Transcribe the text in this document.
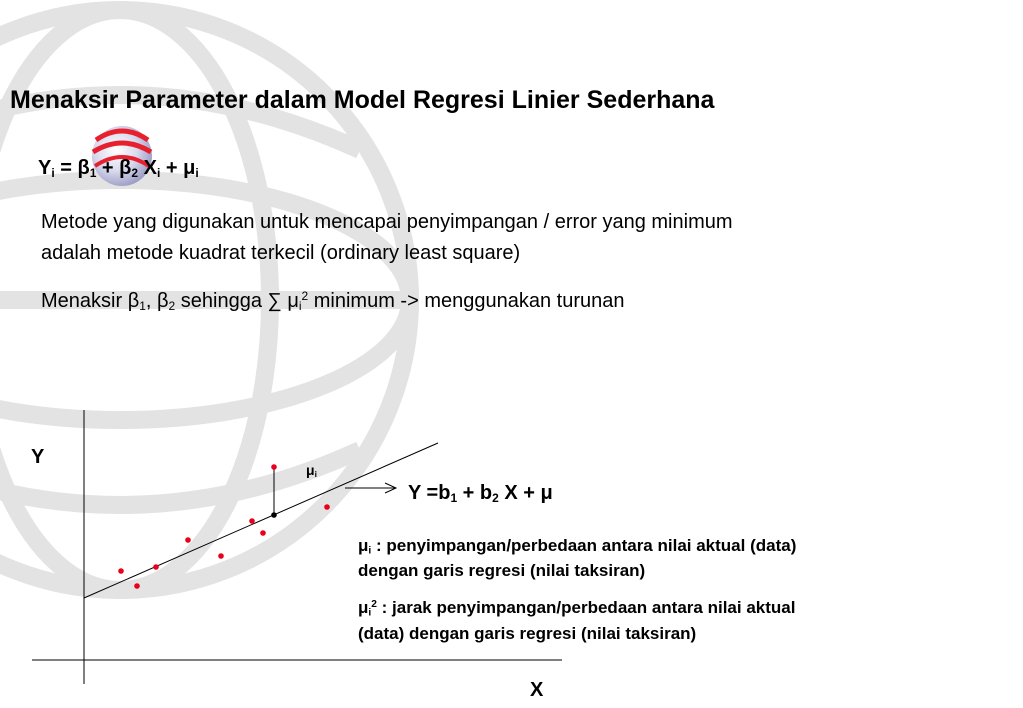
Menaksir Parameter dalam Model Regresi Linier Sederhana
$Y_i = \beta_1 + \beta_2$ $X_i + \mu_i$
Metode yang digunakan untuk mencapai penyimpangan / error yang minimum
adalah metode kuadrat terkecil (ordinary least square)
Menaksir $\beta_1$, $\beta_2$ sehingga ∑ $\mu_i^2$ minimum -> menggunakan turunan
Y
X
$\mu_i$
$Y =b_1 + b_2$ X + μ
$\mu_i$ : penyimpangan/perbedaan antara nilai aktual (data)
dengan garis regresi (nilai taksiran)
$\mu_i^2$ : jarak penyimpangan/perbedaan antara nilai aktual
(data) dengan garis regresi (nilai taksiran)
